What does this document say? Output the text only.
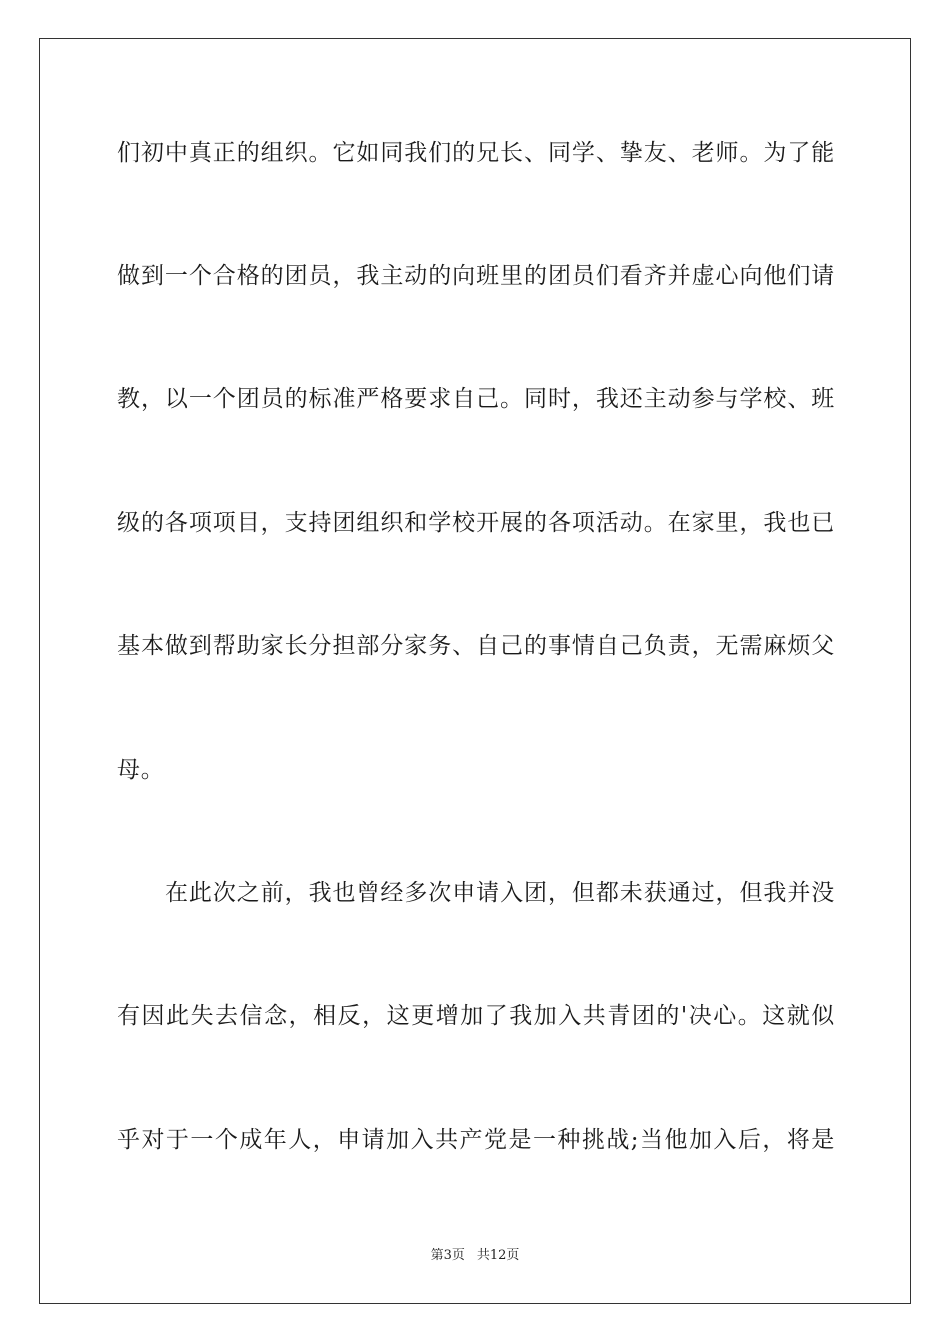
们初中真正的组织。它如同我们的兄长、同学、挚友、老师。为了能
做到一个合格的团员，我主动的向班里的团员们看齐并虚心向他们请
教，以一个团员的标准严格要求自己。同时，我还主动参与学校、班
级的各项项目，支持团组织和学校开展的各项活动。在家里，我也已
基本做到帮助家长分担部分家务、自己的事情自己负责，无需麻烦父
母。
在此次之前，我也曾经多次申请入团，但都未获通过，但我并没
有因此失去信念，相反，这更增加了我加入共青团的'决心。这就似
乎对于一个成年人，申请加入共产党是一种挑战;当他加入后，将是
第3页 共12页
